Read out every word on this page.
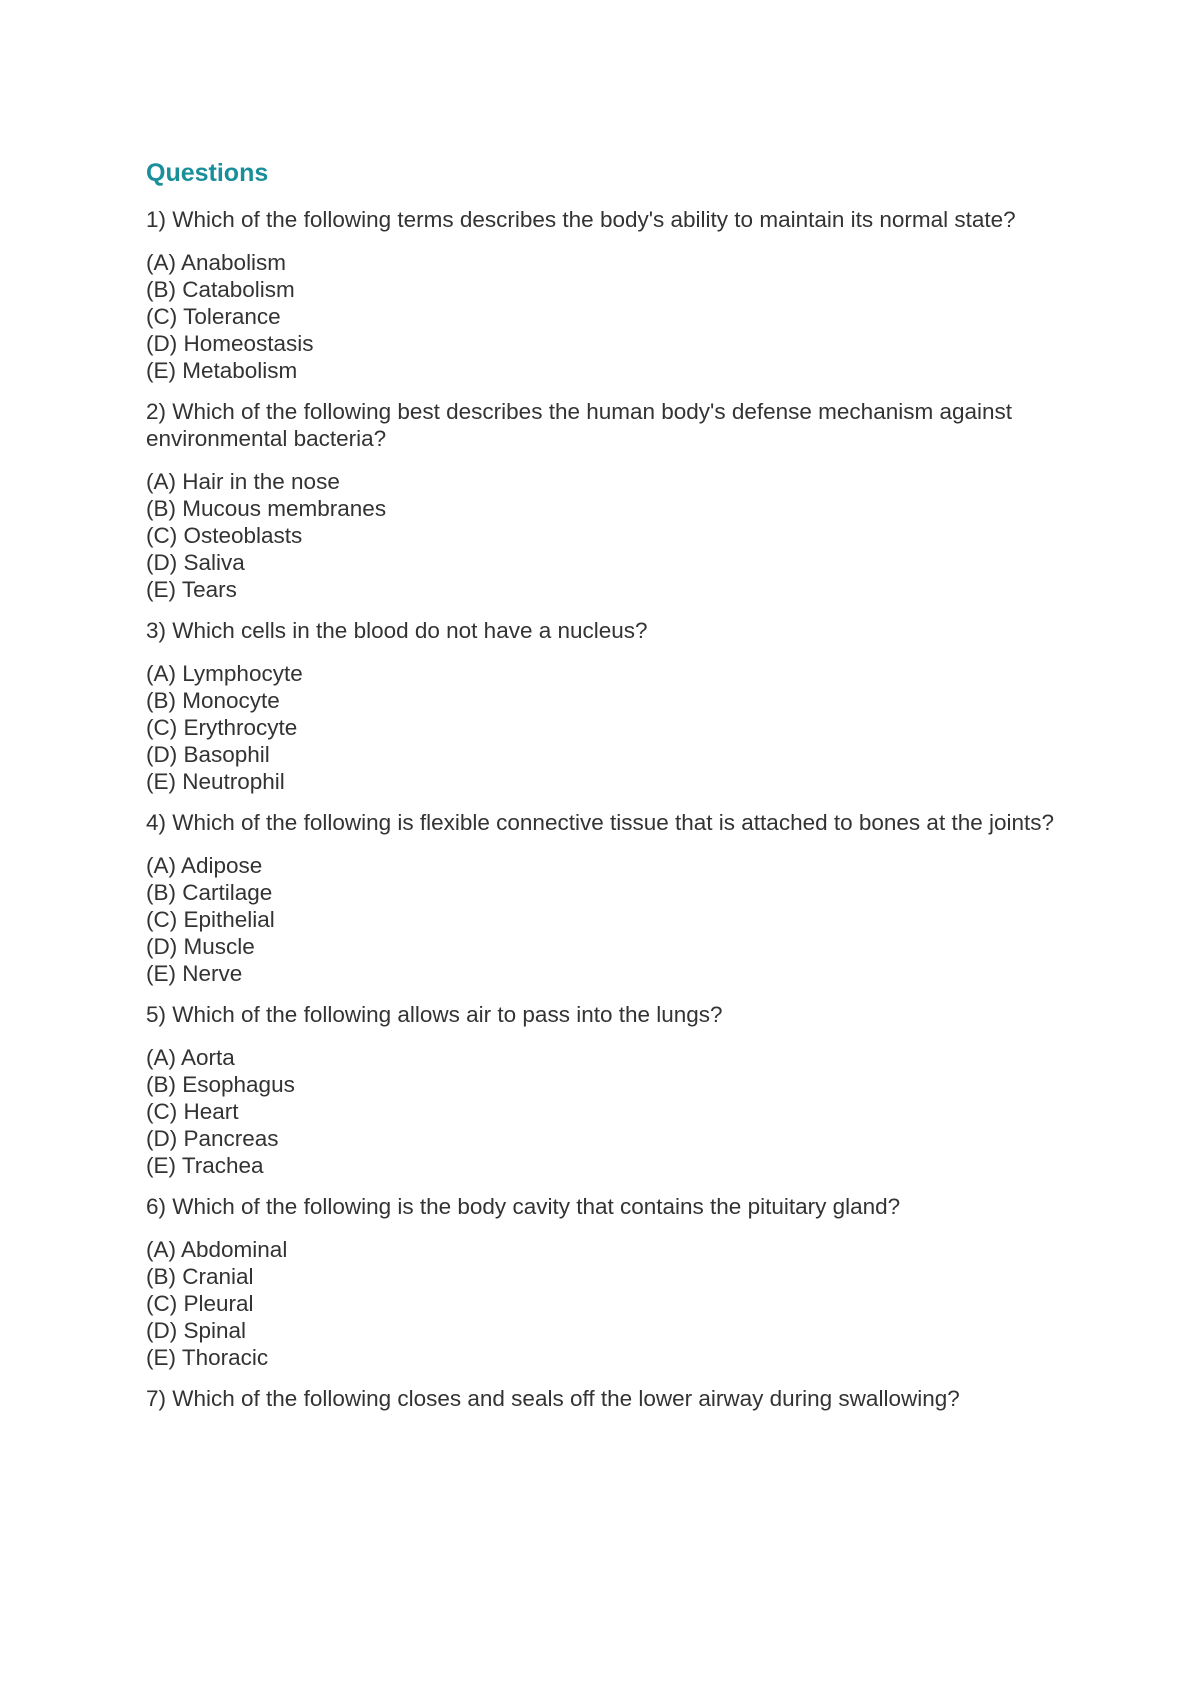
Questions

1) Which of the following terms describes the body's ability to maintain its normal state?

(A) Anabolism
(B) Catabolism
(C) Tolerance
(D) Homeostasis
(E) Metabolism

2) Which of the following best describes the human body's defense mechanism against environmental bacteria?

(A) Hair in the nose
(B) Mucous membranes
(C) Osteoblasts
(D) Saliva
(E) Tears

3) Which cells in the blood do not have a nucleus?

(A) Lymphocyte
(B) Monocyte
(C) Erythrocyte
(D) Basophil
(E) Neutrophil

4) Which of the following is flexible connective tissue that is attached to bones at the joints?

(A) Adipose
(B) Cartilage
(C) Epithelial
(D) Muscle
(E) Nerve

5) Which of the following allows air to pass into the lungs?

(A) Aorta
(B) Esophagus
(C) Heart
(D) Pancreas
(E) Trachea

6) Which of the following is the body cavity that contains the pituitary gland?

(A) Abdominal
(B) Cranial
(C) Pleural
(D) Spinal
(E) Thoracic

7) Which of the following closes and seals off the lower airway during swallowing?
